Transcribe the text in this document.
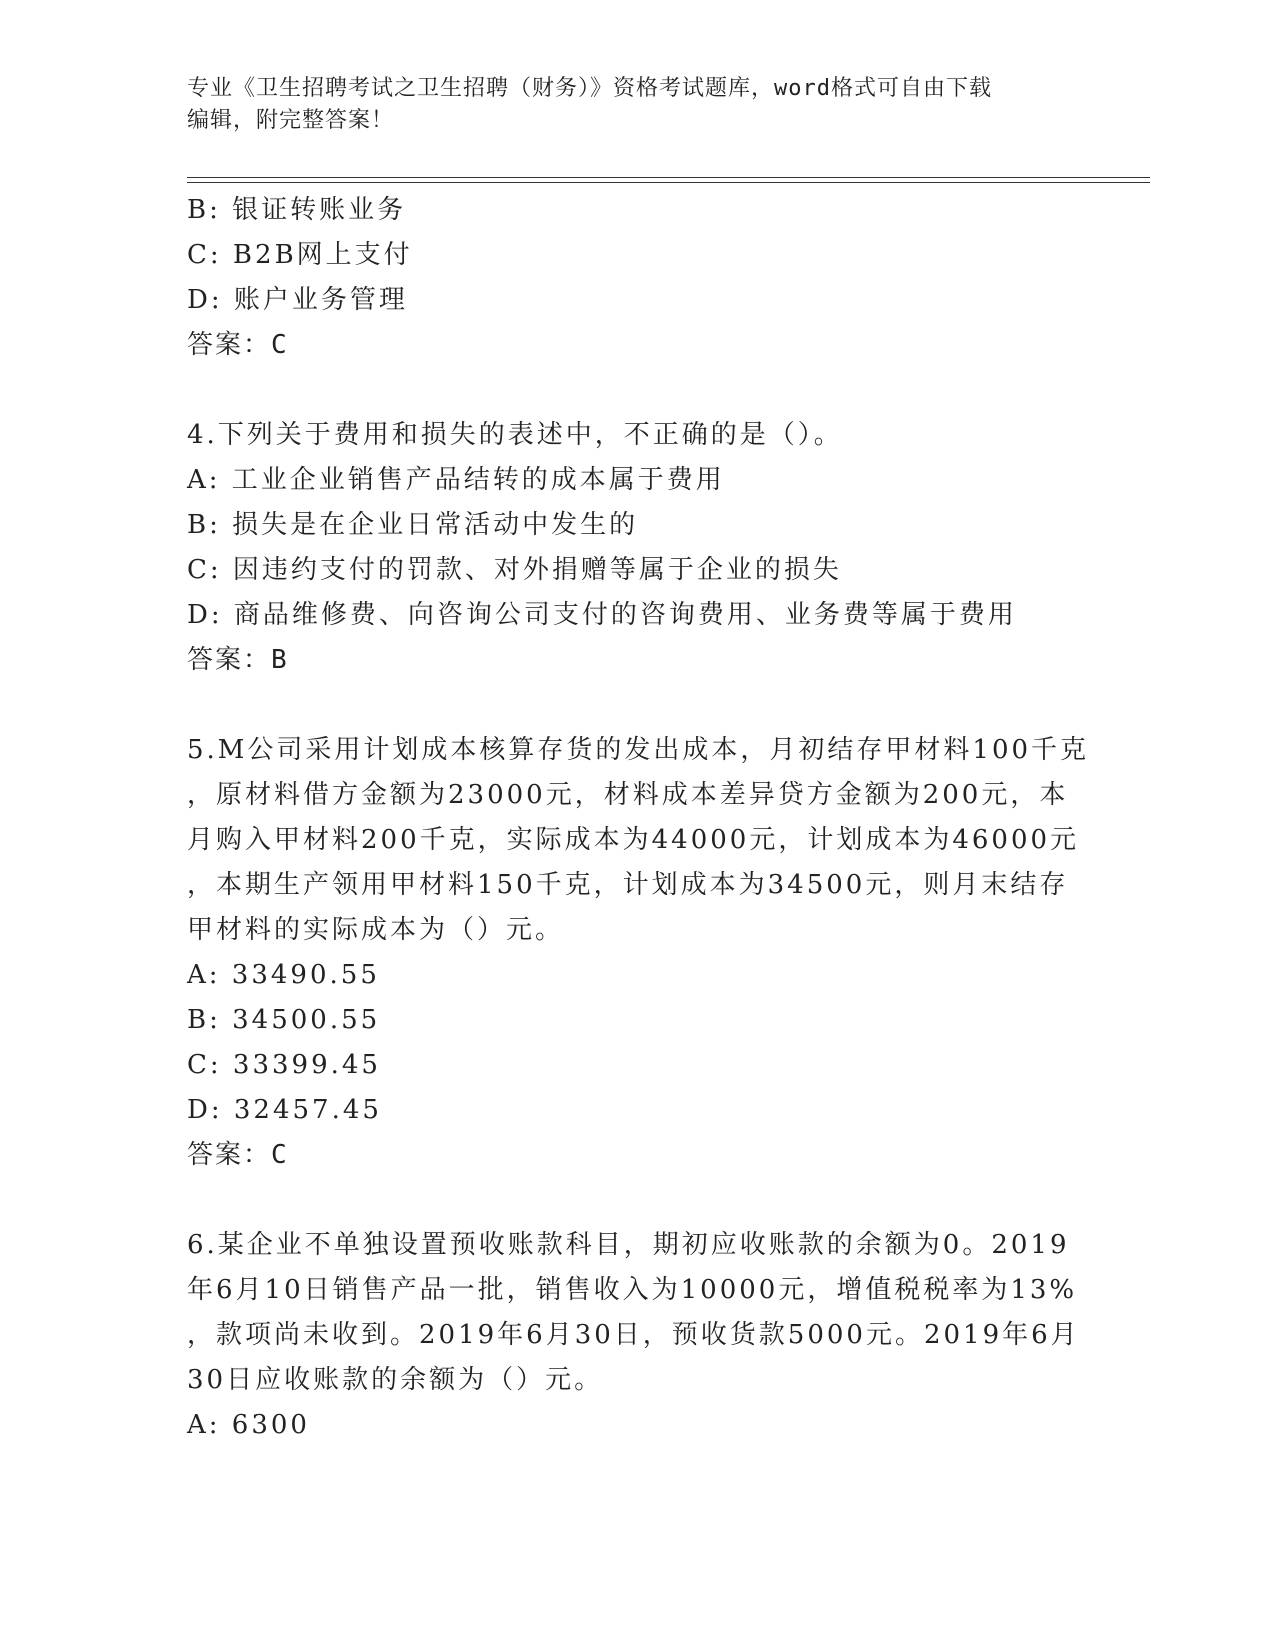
专业《卫生招聘考试之卫生招聘（财务）》资格考试题库，word格式可自由下载
编辑，附完整答案！
B: 银证转账业务
C: B2B网上支付
D: 账户业务管理
答案：C
4.下列关于费用和损失的表述中，不正确的是（）。
A: 工业企业销售产品结转的成本属于费用
B: 损失是在企业日常活动中发生的
C: 因违约支付的罚款、对外捐赠等属于企业的损失
D: 商品维修费、向咨询公司支付的咨询费用、业务费等属于费用
答案：B
5.M公司采用计划成本核算存货的发出成本，月初结存甲材料100千克
，原材料借方金额为23000元，材料成本差异贷方金额为200元，本
月购入甲材料200千克，实际成本为44000元，计划成本为46000元
，本期生产领用甲材料150千克，计划成本为34500元，则月末结存
甲材料的实际成本为（）元。
A: 33490.55
B: 34500.55
C: 33399.45
D: 32457.45
答案：C
6.某企业不单独设置预收账款科目，期初应收账款的余额为0。2019
年6月10日销售产品一批，销售收入为10000元，增值税税率为13%
，款项尚未收到。2019年6月30日，预收货款5000元。2019年6月
30日应收账款的余额为（）元。
A: 6300
